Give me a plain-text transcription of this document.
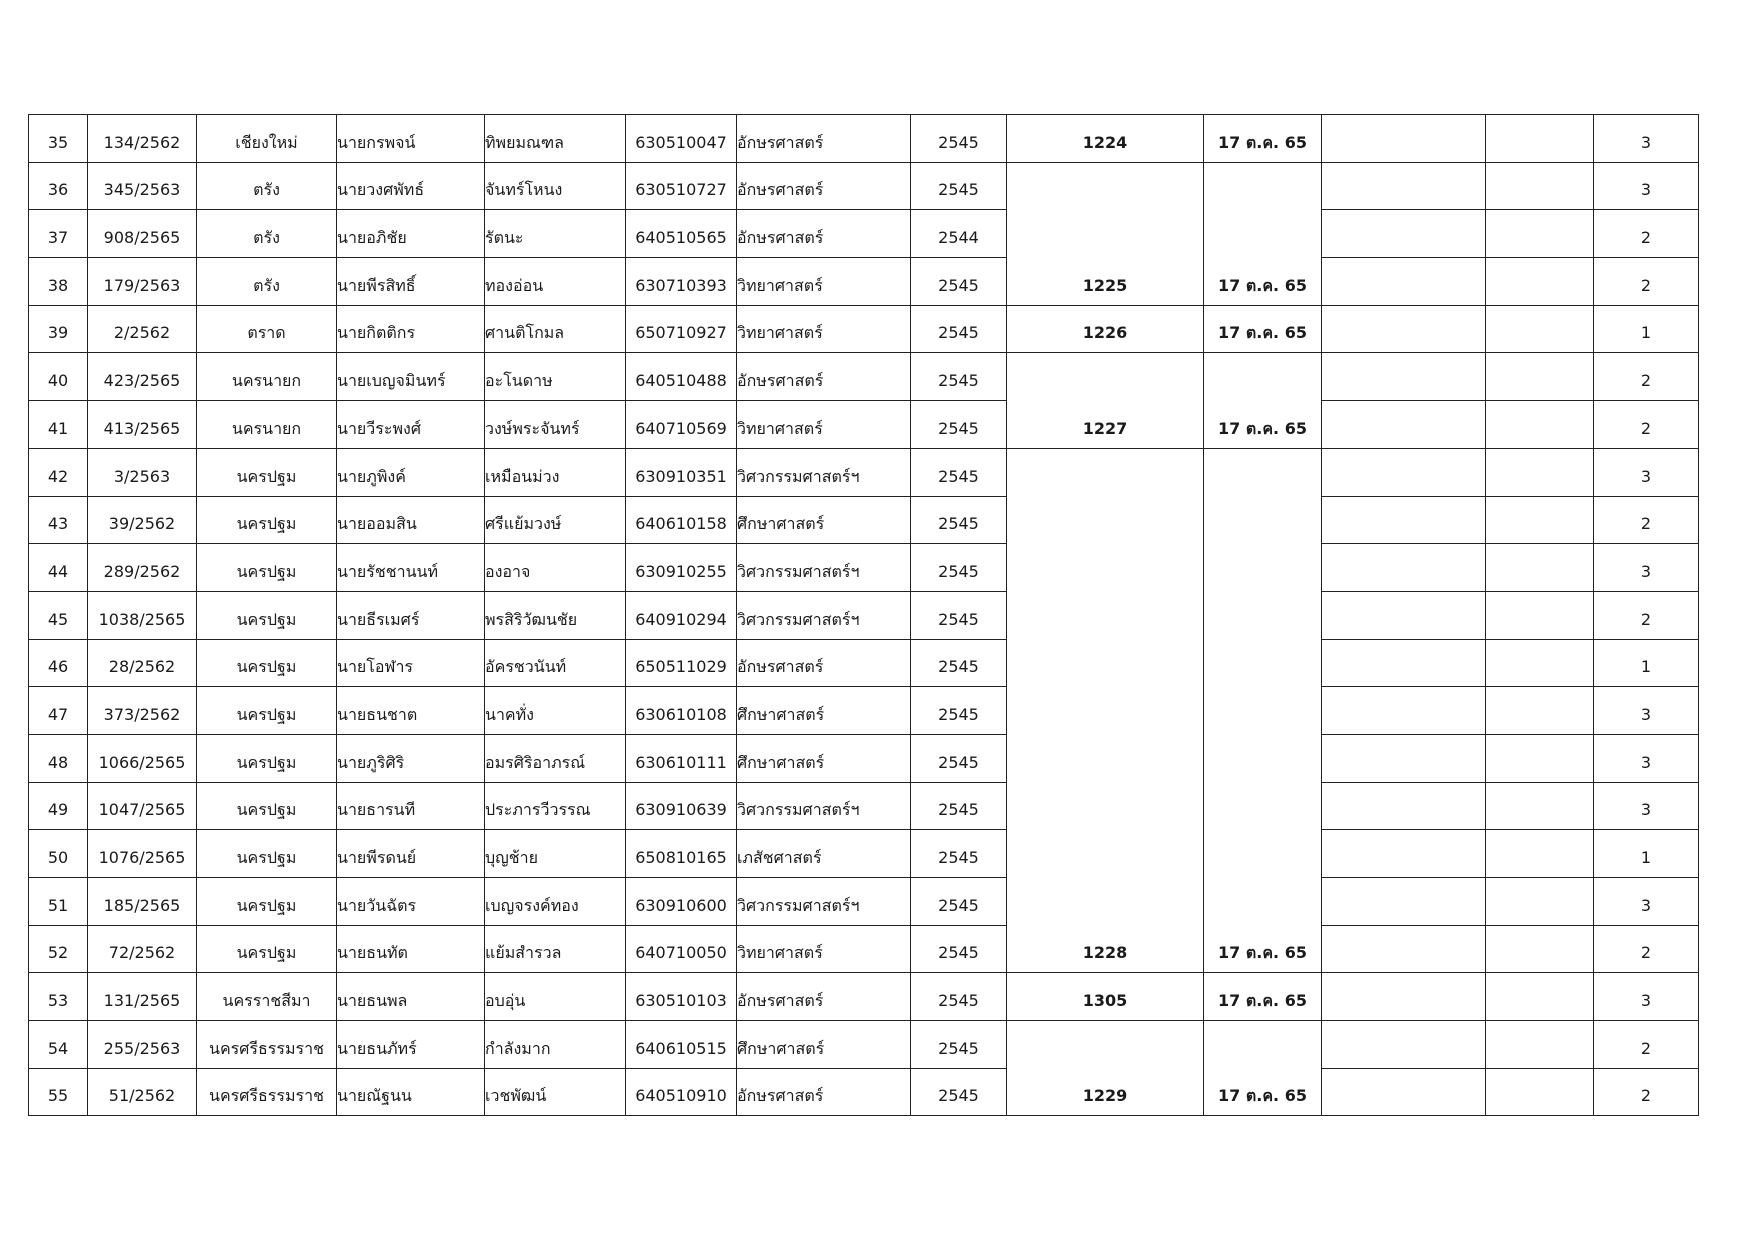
35	134/2562	เชียงใหม่	นายกรพจน์	ทิพยมณฑล	630510047	อักษรศาสตร์	2545	1224	17 ต.ค. 65			3
36	345/2563	ตรัง	นายวงศพัทธ์	จันทร์โหนง	630510727	อักษรศาสตร์	2545	1225	17 ต.ค. 65			3
37	908/2565	ตรัง	นายอภิชัย	รัตนะ	640510565	อักษรศาสตร์	2544					2
38	179/2563	ตรัง	นายพีรสิทธิ์	ทองอ่อน	630710393	วิทยาศาสตร์	2545					2
39	2/2562	ตราด	นายกิตติกร	ศานติโกมล	650710927	วิทยาศาสตร์	2545	1226	17 ต.ค. 65			1
40	423/2565	นครนายก	นายเบญจมินทร์	อะโนดาษ	640510488	อักษรศาสตร์	2545	1227	17 ต.ค. 65			2
41	413/2565	นครนายก	นายวีระพงศ์	วงษ์พระจันทร์	640710569	วิทยาศาสตร์	2545					2
42	3/2563	นครปฐม	นายภูพิงค์	เหมือนม่วง	630910351	วิศวกรรมศาสตร์ฯ	2545	1228	17 ต.ค. 65			3
43	39/2562	นครปฐม	นายออมสิน	ศรีแย้มวงษ์	640610158	ศึกษาศาสตร์	2545					2
44	289/2562	นครปฐม	นายรัชชานนท์	องอาจ	630910255	วิศวกรรมศาสตร์ฯ	2545					3
45	1038/2565	นครปฐม	นายธีรเมศร์	พรสิริวัฒนชัย	640910294	วิศวกรรมศาสตร์ฯ	2545					2
46	28/2562	นครปฐม	นายโอฬาร	อัครชวนันท์	650511029	อักษรศาสตร์	2545					1
47	373/2562	นครปฐม	นายธนชาต	นาคทั่ง	630610108	ศึกษาศาสตร์	2545					3
48	1066/2565	นครปฐม	นายภูริศิริ	อมรศิริอาภรณ์	630610111	ศึกษาศาสตร์	2545					3
49	1047/2565	นครปฐม	นายธารนที	ประภารวีวรรณ	630910639	วิศวกรรมศาสตร์ฯ	2545					3
50	1076/2565	นครปฐม	นายพีรดนย์	บุญช้าย	650810165	เภสัชศาสตร์	2545					1
51	185/2565	นครปฐม	นายวันฉัตร	เบญจรงค์ทอง	630910600	วิศวกรรมศาสตร์ฯ	2545					3
52	72/2562	นครปฐม	นายธนทัต	แย้มสำรวล	640710050	วิทยาศาสตร์	2545					2
53	131/2565	นครราชสีมา	นายธนพล	อบอุ่น	630510103	อักษรศาสตร์	2545	1305	17 ต.ค. 65			3
54	255/2563	นครศรีธรรมราช	นายธนภัทร์	กำลังมาก	640610515	ศึกษาศาสตร์	2545	1229	17 ต.ค. 65			2
55	51/2562	นครศรีธรรมราช	นายณัฐนน	เวชพัฒน์	640510910	อักษรศาสตร์	2545					2
